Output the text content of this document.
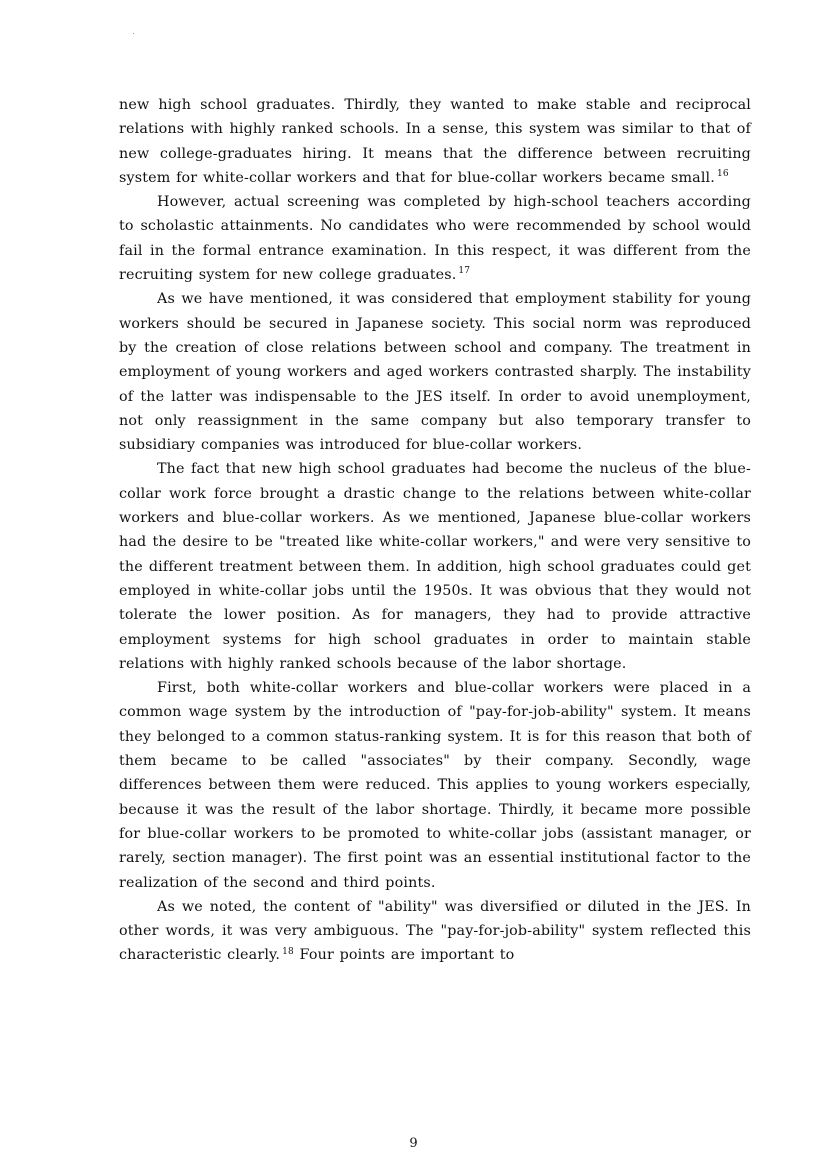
new high school graduates. Thirdly, they wanted to make stable and reciprocal relations with highly ranked schools. In a sense, this system was similar to that of new college-graduates hiring. It means that the difference between recruiting system for white-collar workers and that for blue-collar workers became small. $^{16}$

However, actual screening was completed by high-school teachers according to scholastic attainments. No candidates who were recommended by school would fail in the formal entrance examination. In this respect, it was different from the recruiting system for new college graduates. $^{17}$

As we have mentioned, it was considered that employment stability for young workers should be secured in Japanese society. This social norm was reproduced by the creation of close relations between school and company. The treatment in employment of young workers and aged workers contrasted sharply. The instability of the latter was indispensable to the JES itself. In order to avoid unemployment, not only reassignment in the same company but also temporary transfer to subsidiary companies was introduced for blue-collar workers.

The fact that new high school graduates had become the nucleus of the blue-collar work force brought a drastic change to the relations between white-collar workers and blue-collar workers. As we mentioned, Japanese blue-collar workers had the desire to be "treated like white-collar workers," and were very sensitive to the different treatment between them. In addition, high school graduates could get employed in white-collar jobs until the 1950s. It was obvious that they would not tolerate the lower position. As for managers, they had to provide attractive employment systems for high school graduates in order to maintain stable relations with highly ranked schools because of the labor shortage.

First, both white-collar workers and blue-collar workers were placed in a common wage system by the introduction of "pay-for-job-ability" system. It means they belonged to a common status-ranking system. It is for this reason that both of them became to be called "associates" by their company. Secondly, wage differences between them were reduced. This applies to young workers especially, because it was the result of the labor shortage. Thirdly, it became more possible for blue-collar workers to be promoted to white-collar jobs (assistant manager, or rarely, section manager). The first point was an essential institutional factor to the realization of the second and third points.

As we noted, the content of "ability" was diversified or diluted in the JES. In other words, it was very ambiguous. The "pay-for-job-ability" system reflected this characteristic clearly. $^{18}$ Four points are important to

9
